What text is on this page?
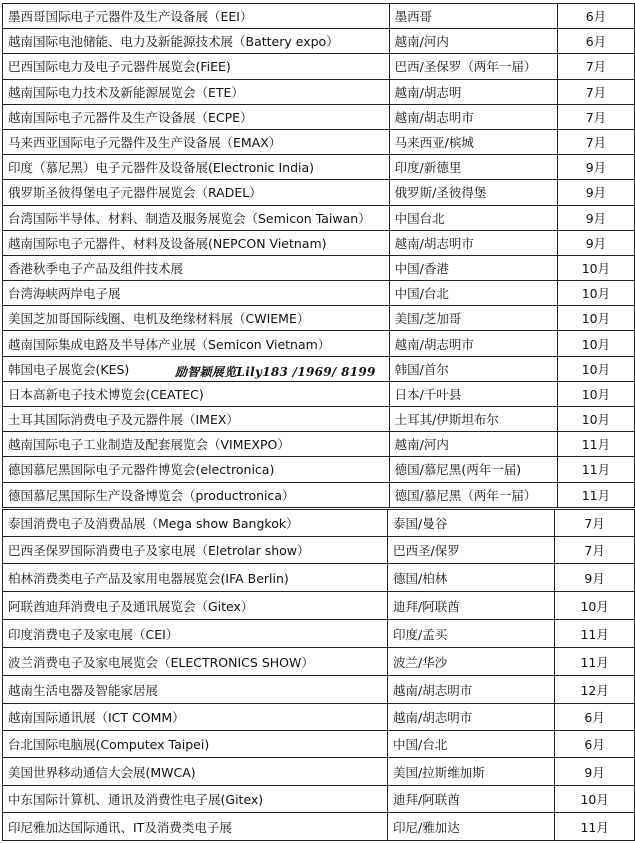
墨西哥国际电子元器件及生产设备展（EEI）	墨西哥	6月
越南国际电池储能、电力及新能源技术展（Battery expo）	越南/河内	6月
巴西国际电力及电子元器件展览会(FiEE)	巴西/圣保罗（两年一届）	7月
越南国际电力技术及新能源展览会（ETE）	越南/胡志明	7月
越南国际电子元器件及生产设备展（ECPE）	越南/胡志明市	7月
马来西亚国际电子元器件及生产设备展（EMAX）	马来西亚/槟城	7月
印度（慕尼黑）电子元器件及设备展(Electronic India)	印度/新德里	9月
俄罗斯圣彼得堡电子元器件展览会（RADEL）	俄罗斯/圣彼得堡	9月
台湾国际半导体、材料、制造及服务展览会（Semicon Taiwan）	中国台北	9月
越南国际电子元器件、材料及设备展(NEPCON Vietnam)	越南/胡志明市	9月
香港秋季电子产品及组件技术展	中国/香港	10月
台湾海峡两岸电子展	中国/台北	10月
美国芝加哥国际线圈、电机及绝缘材料展（CWIEME）	美国/芝加哥	10月
越南国际集成电路及半导体产业展（Semicon Vietnam）	越南/胡志明市	10月
韩国电子展览会(KES)	韩国/首尔	10月
日本高新电子技术博览会(CEATEC)	日本/千叶县	10月
土耳其国际消费电子及元器件展（IMEX）	土耳其/伊斯坦布尔	10月
越南国际电子工业制造及配套展览会（VIMEXPO）	越南/河内	11月
德国慕尼黑国际电子元器件博览会(electronica)	德国/慕尼黑(两年一届)	11月
德国慕尼黑国际生产设备博览会（productronica）	德国/慕尼黑（两年一届）	11月
泰国消费电子及消费品展（Mega show Bangkok）	泰国/曼谷	7月
巴西圣保罗国际消费电子及家电展（Eletrolar show）	巴西圣/保罗	7月
柏林消费类电子产品及家用电器展览会(IFA Berlin)	德国/柏林	9月
阿联酋迪拜消费电子及通讯展览会（Gitex）	迪拜/阿联酋	10月
印度消费电子及家电展（CEI）	印度/孟买	11月
波兰消费电子及家电展览会（ELECTRONICS SHOW）	波兰/华沙	11月
越南生活电器及智能家居展	越南/胡志明市	12月
越南国际通讯展（ICT COMM）	越南/胡志明市	6月
台北国际电脑展(Computex Taipei)	中国/台北	6月
美国世界移动通信大会展(MWCA)	美国/拉斯维加斯	9月
中东国际计算机、通讯及消费性电子展(Gitex)	迪拜/阿联酋	10月
印尼雅加达国际通讯、IT及消费类电子展	印尼/雅加达	11月
励智颖展览Lily183 /1969/ 8199
